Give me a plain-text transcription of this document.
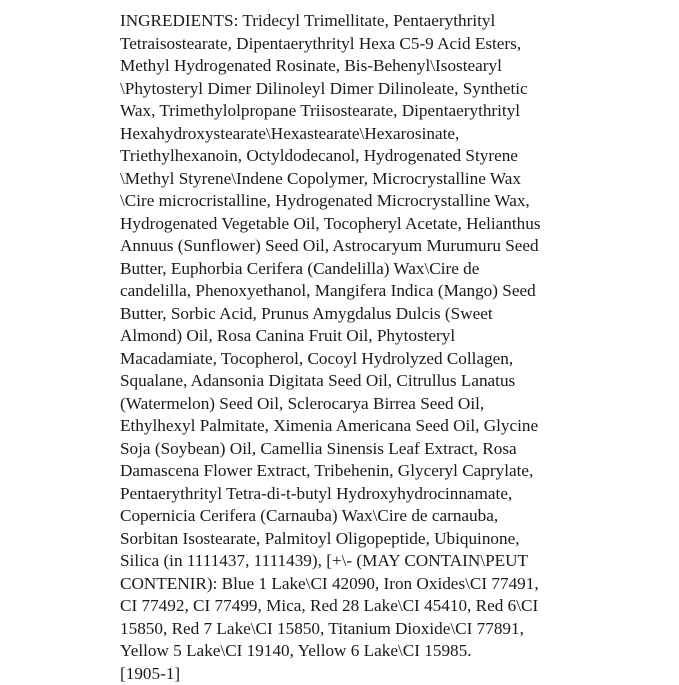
INGREDIENTS: Tridecyl Trimellitate, Pentaerythrityl
Tetraisostearate, Dipentaerythrityl Hexa C5-9 Acid Esters,
Methyl Hydrogenated Rosinate, Bis-Behenyl\Isostearyl
\Phytosteryl Dimer Dilinoleyl Dimer Dilinoleate, Synthetic
Wax, Trimethylolpropane Triisostearate, Dipentaerythrityl
Hexahydroxystearate\Hexastearate\Hexarosinate,
Triethylhexanoin, Octyldodecanol, Hydrogenated Styrene
\Methyl Styrene\Indene Copolymer, Microcrystalline Wax
\Cire microcristalline, Hydrogenated Microcrystalline Wax,
Hydrogenated Vegetable Oil, Tocopheryl Acetate, Helianthus
Annuus (Sunflower) Seed Oil, Astrocaryum Murumuru Seed
Butter, Euphorbia Cerifera (Candelilla) Wax\Cire de
candelilla, Phenoxyethanol, Mangifera Indica (Mango) Seed
Butter, Sorbic Acid, Prunus Amygdalus Dulcis (Sweet
Almond) Oil, Rosa Canina Fruit Oil, Phytosteryl
Macadamiate, Tocopherol, Cocoyl Hydrolyzed Collagen,
Squalane, Adansonia Digitata Seed Oil, Citrullus Lanatus
(Watermelon) Seed Oil, Sclerocarya Birrea Seed Oil,
Ethylhexyl Palmitate, Ximenia Americana Seed Oil, Glycine
Soja (Soybean) Oil, Camellia Sinensis Leaf Extract, Rosa
Damascena Flower Extract, Tribehenin, Glyceryl Caprylate,
Pentaerythrityl Tetra-di-t-butyl Hydroxyhydrocinnamate,
Copernicia Cerifera (Carnauba) Wax\Cire de carnauba,
Sorbitan Isostearate, Palmitoyl Oligopeptide, Ubiquinone,
Silica (in 1111437, 1111439), [+\- (MAY CONTAIN\PEUT
CONTENIR): Blue 1 Lake\CI 42090, Iron Oxides\CI 77491,
CI 77492, CI 77499, Mica, Red 28 Lake\CI 45410, Red 6\CI
15850, Red 7 Lake\CI 15850, Titanium Dioxide\CI 77891,
Yellow 5 Lake\CI 19140, Yellow 6 Lake\CI 15985.
[1905-1]
